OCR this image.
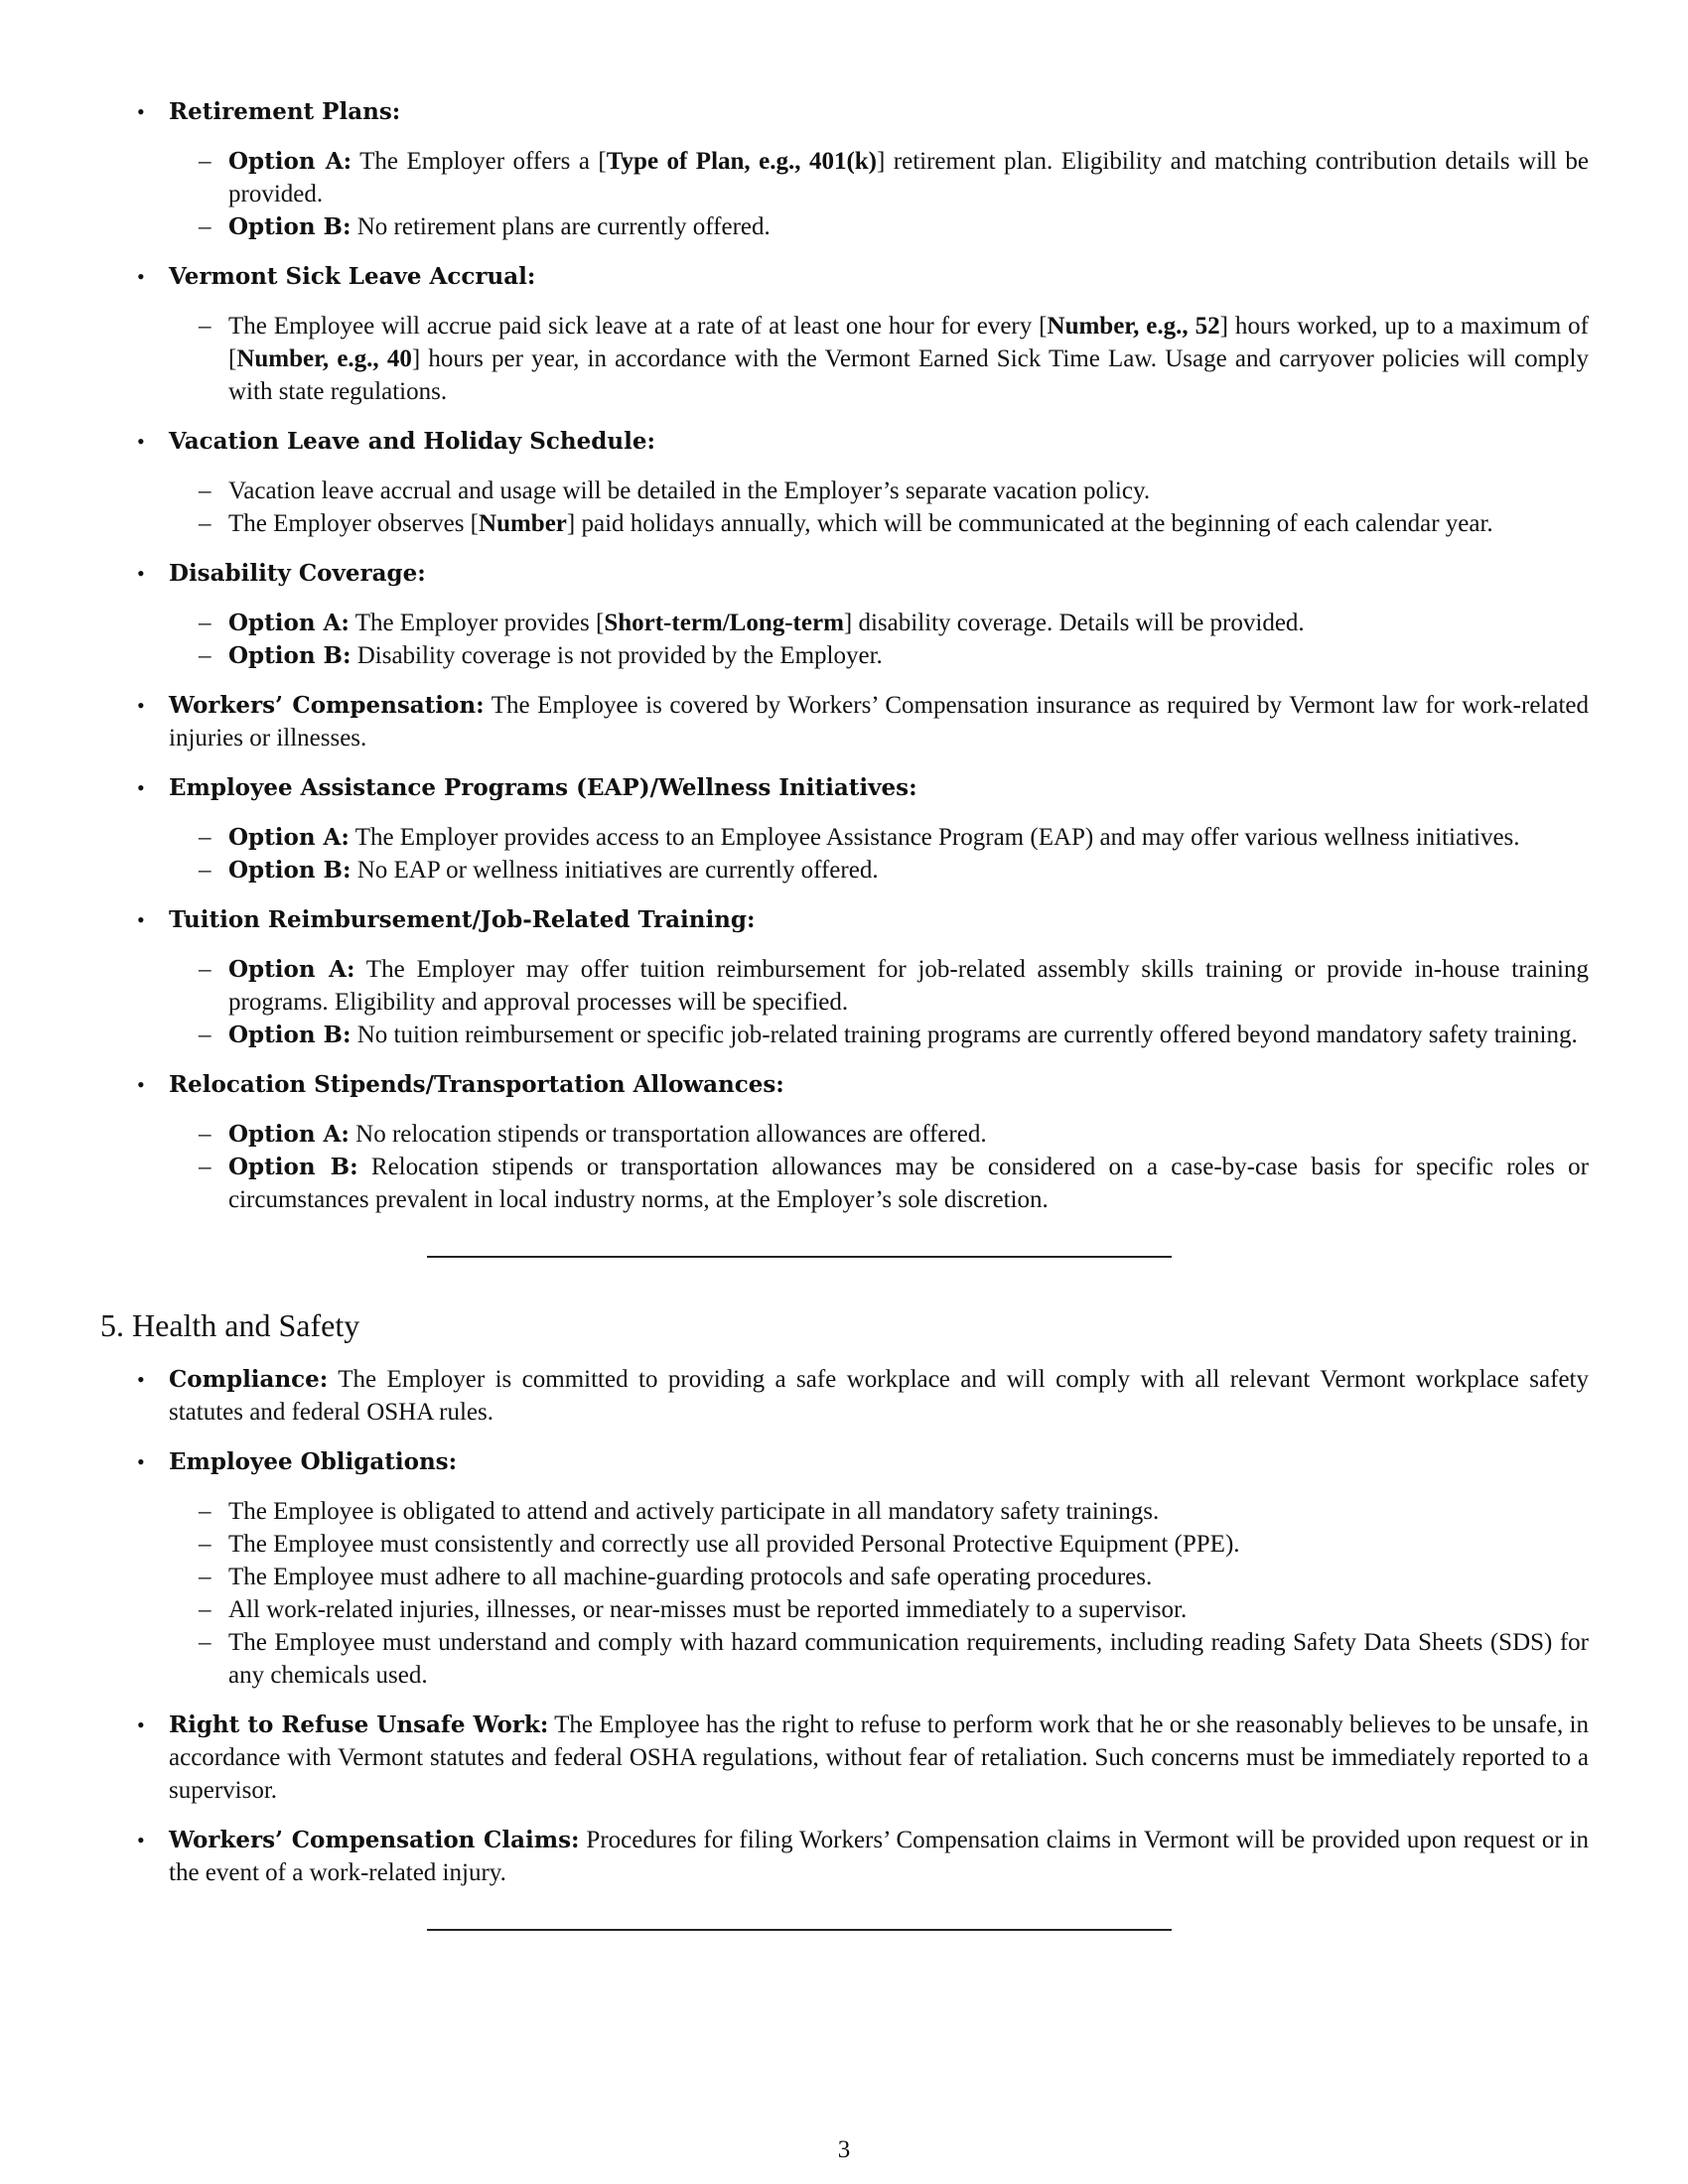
• Retirement Plans:
– Option A: The Employer offers a [Type of Plan, e.g., 401(k)] retirement plan. Eligibility and matching contribution details will be provided.
– Option B: No retirement plans are currently offered.
• Vermont Sick Leave Accrual:
– The Employee will accrue paid sick leave at a rate of at least one hour for every [Number, e.g., 52] hours worked, up to a maximum of [Number, e.g., 40] hours per year, in accordance with the Vermont Earned Sick Time Law. Usage and carryover policies will comply with state regulations.
• Vacation Leave and Holiday Schedule:
– Vacation leave accrual and usage will be detailed in the Employer’s separate vacation policy.
– The Employer observes [Number] paid holidays annually, which will be communicated at the beginning of each calendar year.
• Disability Coverage:
– Option A: The Employer provides [Short-term/Long-term] disability coverage. Details will be provided.
– Option B: Disability coverage is not provided by the Employer.
• Workers’ Compensation: The Employee is covered by Workers’ Compensation insurance as required by Vermont law for work-related injuries or illnesses.
• Employee Assistance Programs (EAP)/Wellness Initiatives:
– Option A: The Employer provides access to an Employee Assistance Program (EAP) and may offer various wellness initiatives.
– Option B: No EAP or wellness initiatives are currently offered.
• Tuition Reimbursement/Job-Related Training:
– Option A: The Employer may offer tuition reimbursement for job-related assembly skills training or provide in-house training programs. Eligibility and approval processes will be specified.
– Option B: No tuition reimbursement or specific job-related training programs are currently offered beyond mandatory safety training.
• Relocation Stipends/Transportation Allowances:
– Option A: No relocation stipends or transportation allowances are offered.
– Option B: Relocation stipends or transportation allowances may be considered on a case-by-case basis for specific roles or circumstances prevalent in local industry norms, at the Employer’s sole discretion.
5. Health and Safety
• Compliance: The Employer is committed to providing a safe workplace and will comply with all relevant Vermont workplace safety statutes and federal OSHA rules.
• Employee Obligations:
– The Employee is obligated to attend and actively participate in all mandatory safety trainings.
– The Employee must consistently and correctly use all provided Personal Protective Equipment (PPE).
– The Employee must adhere to all machine-guarding protocols and safe operating procedures.
– All work-related injuries, illnesses, or near-misses must be reported immediately to a supervisor.
– The Employee must understand and comply with hazard communication requirements, including reading Safety Data Sheets (SDS) for any chemicals used.
• Right to Refuse Unsafe Work: The Employee has the right to refuse to perform work that he or she reasonably believes to be unsafe, in accordance with Vermont statutes and federal OSHA regulations, without fear of retaliation. Such concerns must be immediately reported to a supervisor.
• Workers’ Compensation Claims: Procedures for filing Workers’ Compensation claims in Vermont will be provided upon request or in the event of a work-related injury.
3
